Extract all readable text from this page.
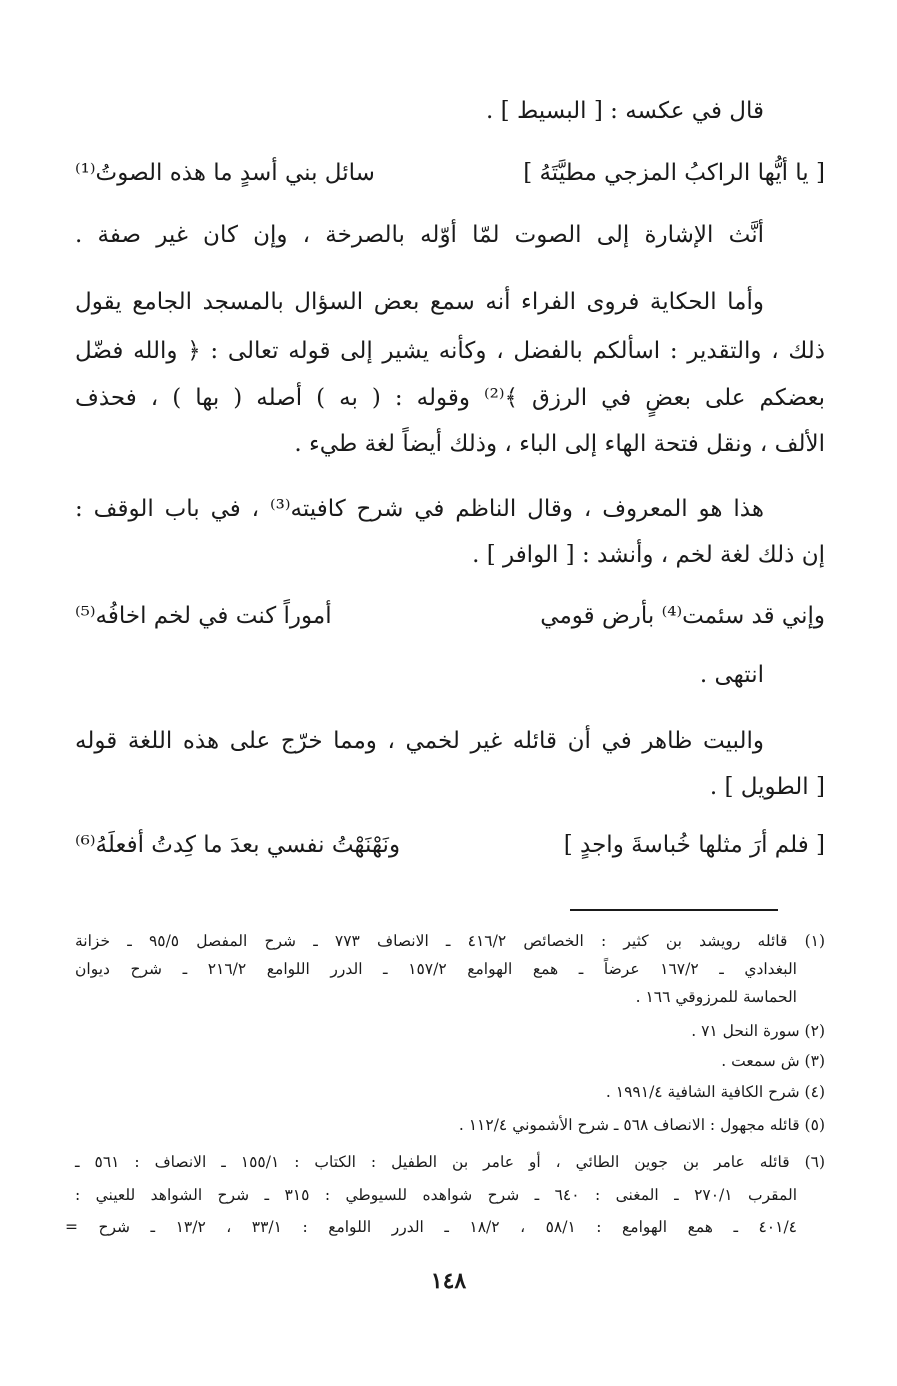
قال في عكسه : [ البسيط ] .
[ يا أيُّها الراكبُ المزجي مطيَّتَهُ ]
سائل بني أسدٍ ما هذه الصوتُ⁽¹⁾
أنَّث الإشارة إلى الصوت لمّا أوّله بالصرخة ، وإن كان غير صفة .
وأما الحكاية فروى الفراء أنه سمع بعض السؤال بالمسجد الجامع يقول
ذلك ، والتقدير : اسألكم بالفضل ، وكأنه يشير إلى قوله تعالى : ﴿ والله فضّل
بعضكم على بعضٍ في الرزق ﴾⁽²⁾ وقوله : ( به ) أصله ( بها ) ، فحذف
الألف ، ونقل فتحة الهاء إلى الباء ، وذلك أيضاً لغة طيء .
هذا هو المعروف ، وقال الناظم في شرح كافيته⁽³⁾ ، في باب الوقف :
إن ذلك لغة لخم ، وأنشد : [ الوافر ] .
وإني قد سئمت⁽⁴⁾ بأرض قومي
أموراً كنت في لخم اخافُه⁽⁵⁾
انتهى .
والبيت ظاهر في أن قائله غير لخمي ، ومما خرّج على هذه اللغة قوله
[ الطويل ] .
[ فلم أرَ مثلها خُباسةَ واجدٍ ]
ونَهْنَهْتُ نفسي بعدَ ما كِدتُ أفعلَهُ⁽⁶⁾
(١) قائله رويشد بن كثير : الخصائص ٤١٦/٢ ـ الانصاف ٧٧٣ ـ شرح المفصل ٩٥/٥ ـ خزانة
البغدادي ـ ١٦٧/٢ عرضاً ـ همع الهوامع ١٥٧/٢ ـ الدرر اللوامع ٢١٦/٢ ـ شرح ديوان
الحماسة للمرزوقي ١٦٦ .
(٢) سورة النحل ٧١ .
(٣) ش سمعت .
(٤) شرح الكافية الشافية ١٩٩١/٤ .
(٥) قائله مجهول : الانصاف ٥٦٨ ـ شرح الأشموني ١١٢/٤ .
(٦) قائله عامر بن جوين الطائي ، أو عامر بن الطفيل : الكتاب : ١٥٥/١ ـ الانصاف : ٥٦١ ـ
المقرب ٢٧٠/١ ـ المغنى : ٦٤٠ ـ شرح شواهده للسيوطي : ٣١٥ ـ شرح الشواهد للعيني :
٤٠١/٤ ـ همع الهوامع : ٥٨/١ ، ١٨/٢ ـ الدرر اللوامع : ٣٣/١ ، ١٣/٢ ـ شرح =
١٤٨
